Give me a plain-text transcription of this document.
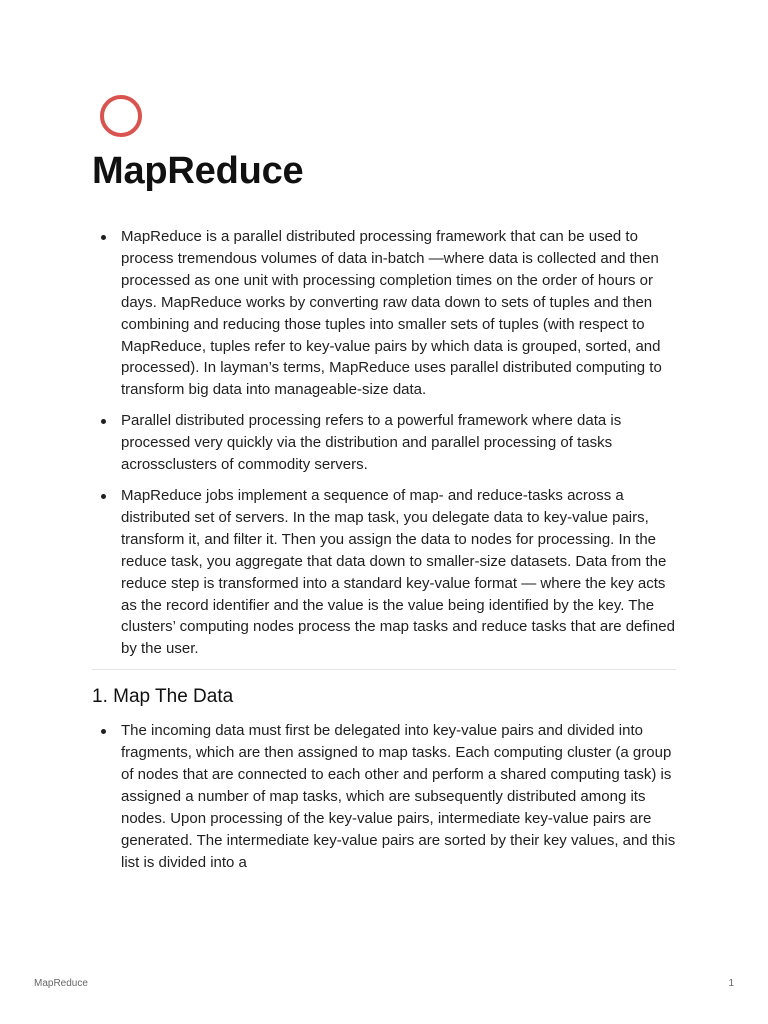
MapReduce
MapReduce is a parallel distributed processing framework that can be used to process tremendous volumes of data in-batch —where data is collected and then processed as one unit with processing completion times on the order of hours or days. MapReduce works by converting raw data down to sets of tuples and then combining and reducing those tuples into smaller sets of tuples (with respect to MapReduce, tuples refer to key-value pairs by which data is grouped, sorted, and processed). In layman’s terms, MapReduce uses parallel distributed computing to transform big data into manageable-size data.
Parallel distributed processing refers to a powerful framework where data is processed very quickly via the distribution and parallel processing of tasks acrossclusters of commodity servers.
MapReduce jobs implement a sequence of map- and reduce-tasks across a distributed set of servers. In the map task, you delegate data to key-value pairs, transform it, and filter it. Then you assign the data to nodes for processing. In the reduce task, you aggregate that data down to smaller-size datasets. Data from the reduce step is transformed into a standard key-value format — where the key acts as the record identifier and the value is the value being identified by the key. The clusters’ computing nodes process the map tasks and reduce tasks that are defined by the user.
1. Map The Data
The incoming data must first be delegated into key-value pairs and divided into fragments, which are then assigned to map tasks. Each computing cluster (a group of nodes that are connected to each other and perform a shared computing task) is assigned a number of map tasks, which are subsequently distributed among its nodes. Upon processing of the key-value pairs, intermediate key-value pairs are generated. The intermediate key-value pairs are sorted by their key values, and this list is divided into a
MapReduce	1
